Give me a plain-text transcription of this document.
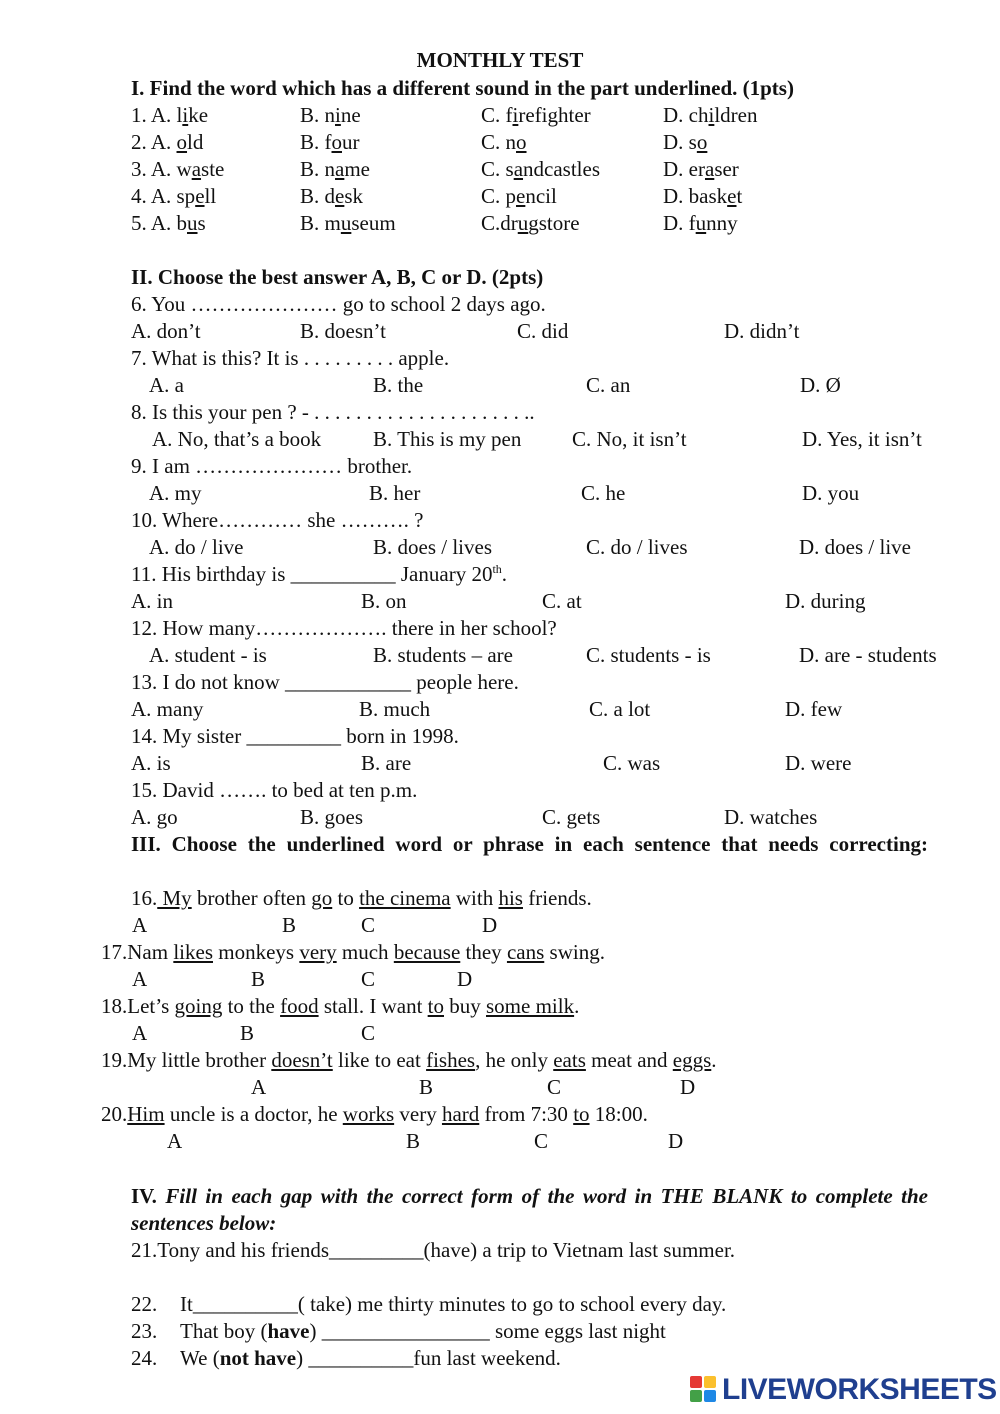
MONTHLY TEST
I. Find the word which has a different sound in the part underlined. (1pts)
1. A. like	B. nine	C. firefighter	D. children
2. A. old	B. four	C. no	D. so
3. A. waste	B. name	C. sandcastles	D. eraser
4. A. spell	B. desk	C. pencil	D. basket
5. A. bus	B. museum	C.drugstore	D. funny
II. Choose the best answer A, B, C or D. (2pts)
6. You ………………… go to school 2 days ago.
A. don’t	B. doesn’t	C. did	D. didn’t
7. What is this? It is . . . . . . . . . apple.
A. a	B. the	C. an	D. Ø
8. Is this your pen ? - . . . . . . . . . . . . . . . . . . . . ..
A. No, that’s a book B. This is my pen C. No, it isn’t	D. Yes, it isn’t
9. I am ………………… brother.
A. my	B. her	C. he	D. you
10. Where………… she ………. ?
A. do / live	B. does / lives	C. do / lives	D. does / live
11. His birthday is __________ January 20th.
A. in	B. on	C. at	D. during
12. How many………………. there in her school?
A. student - is	B. students – are	C. students - is	D. are - students
13. I do not know ____________ people here.
A. many	B. much	C. a lot	D. few
14. My sister _________ born in 1998.
A. is	B. are	C. was	D. were
15. David ……. to bed at ten p.m.
A. go	B. goes	C. gets	D. watches
III. Choose the underlined word or phrase in each sentence that needs correcting:
16. My brother often go to the cinema with his friends.
A	B	C	D
17.Nam likes monkeys very much because they cans swing.
A	B	C	D
18.Let’s going to the food stall. I want to buy some milk.
A	B	C
19.My little brother doesn’t like to eat fishes, he only eats meat and eggs.
A	B	C	D
20.Him uncle is a doctor, he works very hard from 7:30 to 18:00.
A	B	C	D
IV. Fill in each gap with the correct form of the word in THE BLANK to complete the sentences below:
21.Tony and his friends_________(have) a trip to Vietnam last summer.
22. It__________( take) me thirty minutes to go to school every day.
23. That boy (have) ________________ some eggs last night
24. We (not have) __________fun last weekend.
LIVEWORKSHEETS
